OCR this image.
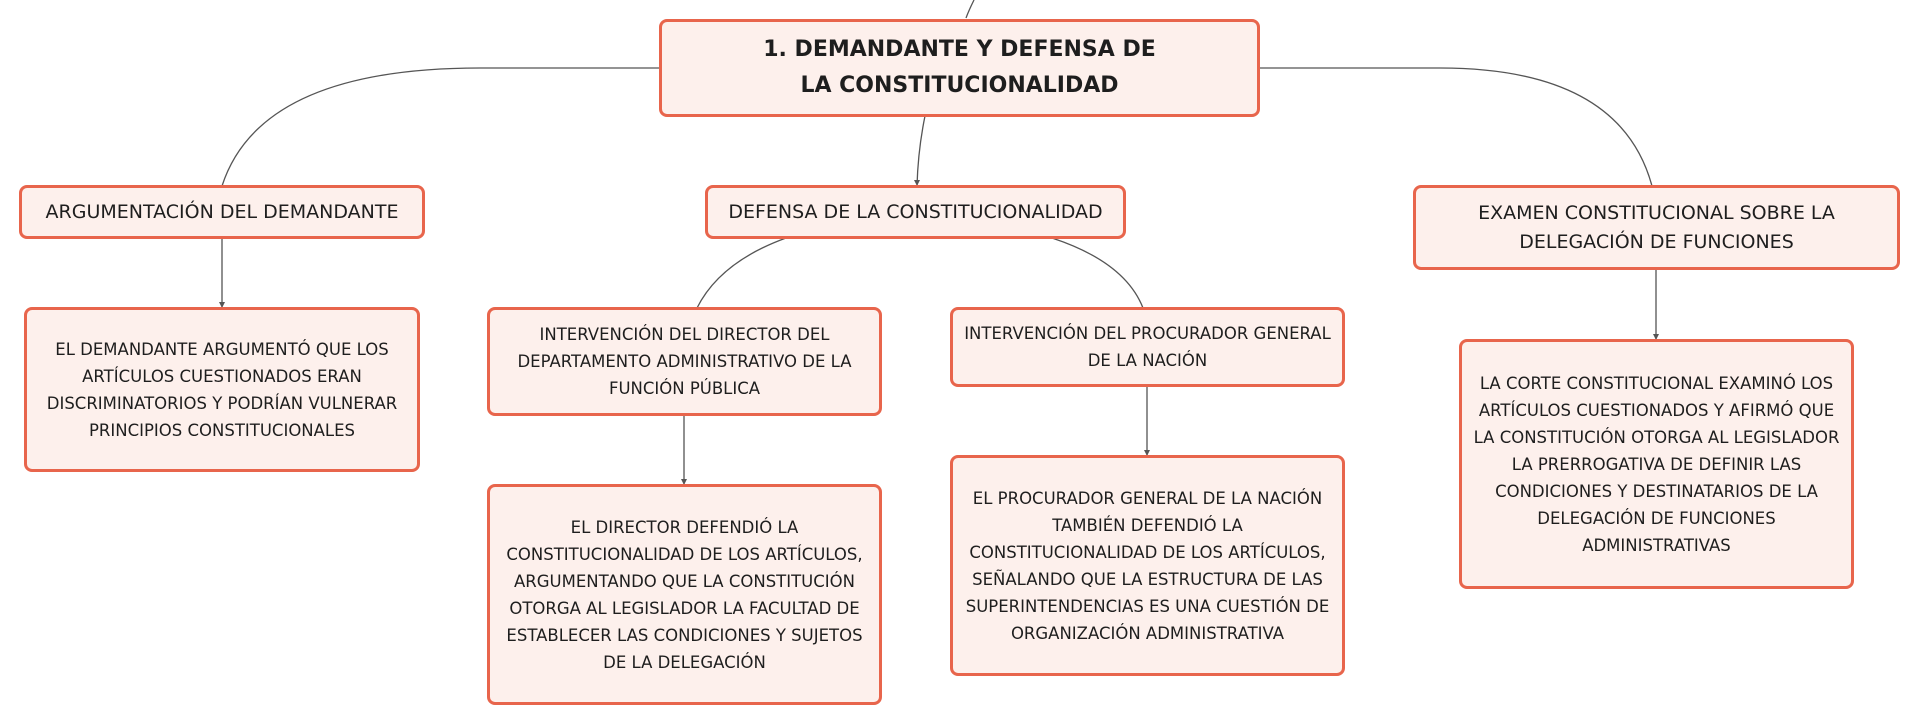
1. DEMANDANTE Y DEFENSA DE LA CONSTITUCIONALIDAD
ARGUMENTACIÓN DEL DEMANDANTE	DEFENSA DE LA CONSTITUCIONALIDAD	EXAMEN CONSTITUCIONAL SOBRE LA DELEGACIÓN DE FUNCIONES
EL DEMANDANTE ARGUMENTÓ QUE LOS ARTÍCULOS CUESTIONADOS ERAN DISCRIMINATORIOS Y PODRÍAN VULNERAR PRINCIPIOS CONSTITUCIONALES
INTERVENCIÓN DEL DIRECTOR DEL DEPARTAMENTO ADMINISTRATIVO DE LA FUNCIÓN PÚBLICA
INTERVENCIÓN DEL PROCURADOR GENERAL DE LA NACIÓN
EL DIRECTOR DEFENDIÓ LA CONSTITUCIONALIDAD DE LOS ARTÍCULOS, ARGUMENTANDO QUE LA CONSTITUCIÓN OTORGA AL LEGISLADOR LA FACULTAD DE ESTABLECER LAS CONDICIONES Y SUJETOS DE LA DELEGACIÓN
EL PROCURADOR GENERAL DE LA NACIÓN TAMBIÉN DEFENDIÓ LA CONSTITUCIONALIDAD DE LOS ARTÍCULOS, SEÑALANDO QUE LA ESTRUCTURA DE LAS SUPERINTENDENCIAS ES UNA CUESTIÓN DE ORGANIZACIÓN ADMINISTRATIVA
LA CORTE CONSTITUCIONAL EXAMINÓ LOS ARTÍCULOS CUESTIONADOS Y AFIRMÓ QUE LA CONSTITUCIÓN OTORGA AL LEGISLADOR LA PRERROGATIVA DE DEFINIR LAS CONDICIONES Y DESTINATARIOS DE LA DELEGACIÓN DE FUNCIONES ADMINISTRATIVAS
